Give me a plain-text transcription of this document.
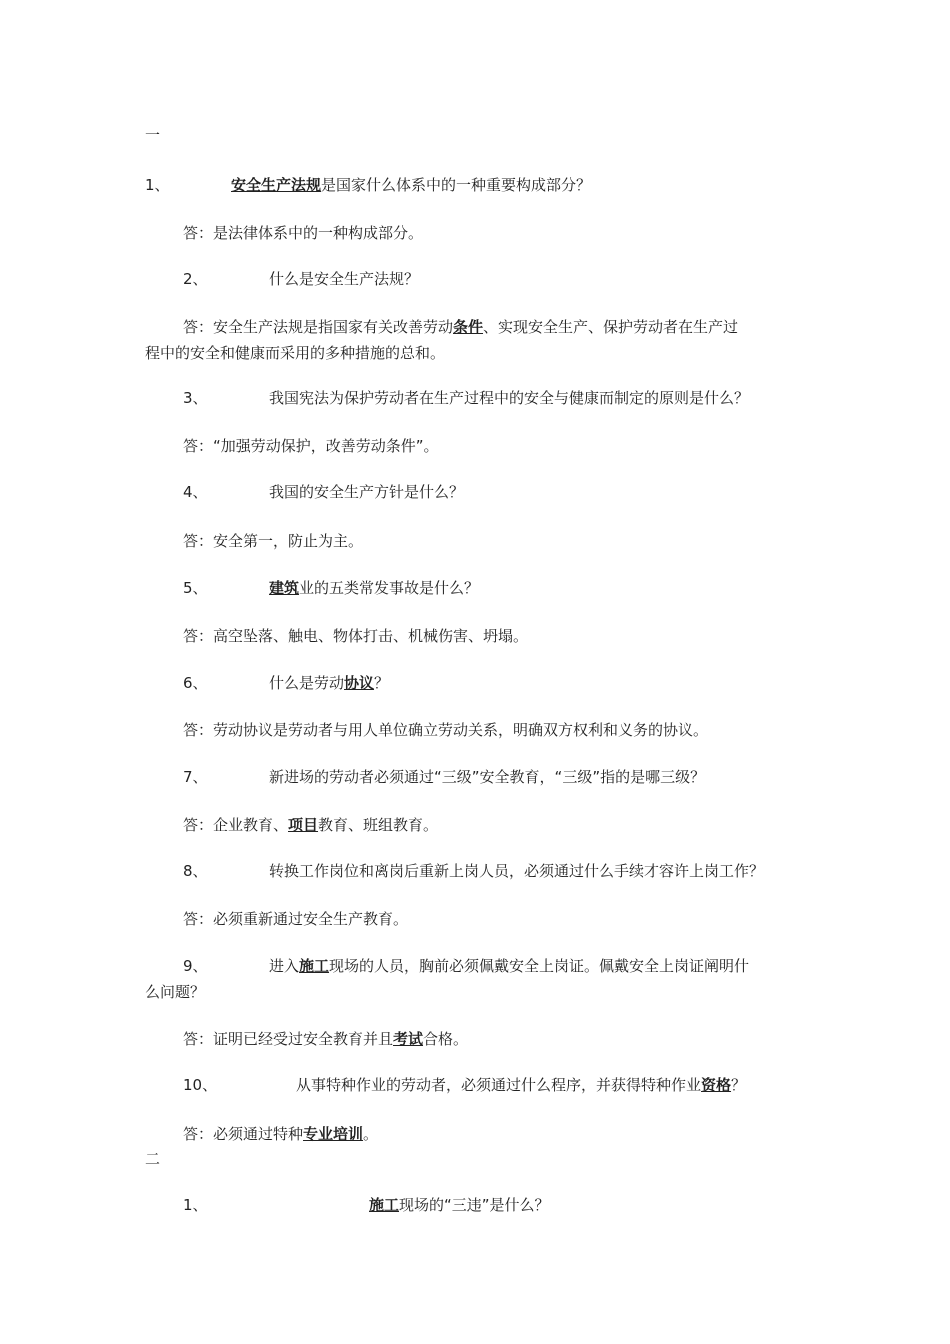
一
1、	安全生产法规是国家什么体系中的一种重要构成部分？
答：是法律体系中的一种构成部分。
2、	什么是安全生产法规？
答：安全生产法规是指国家有关改善劳动条件、实现安全生产、保护劳动者在生产过
程中的安全和健康而采用的多种措施的总和。
3、	我国宪法为保护劳动者在生产过程中的安全与健康而制定的原则是什么？
答：“加强劳动保护，改善劳动条件”。
4、	我国的安全生产方针是什么？
答：安全第一，防止为主。
5、	建筑业的五类常发事故是什么？
答：高空坠落、触电、物体打击、机械伤害、坍塌。
6、	什么是劳动协议？
答：劳动协议是劳动者与用人单位确立劳动关系，明确双方权利和义务的协议。
7、	新进场的劳动者必须通过“三级”安全教育，“三级”指的是哪三级？
答：企业教育、项目教育、班组教育。
8、	转换工作岗位和离岗后重新上岗人员，必须通过什么手续才容许上岗工作？
答：必须重新通过安全生产教育。
9、	进入施工现场的人员，胸前必须佩戴安全上岗证。佩戴安全上岗证阐明什
么问题？
答：证明已经受过安全教育并且考试合格。
10、	从事特种作业的劳动者，必须通过什么程序，并获得特种作业资格？
答：必须通过特种专业培训。
二
1、	施工现场的“三违”是什么？
